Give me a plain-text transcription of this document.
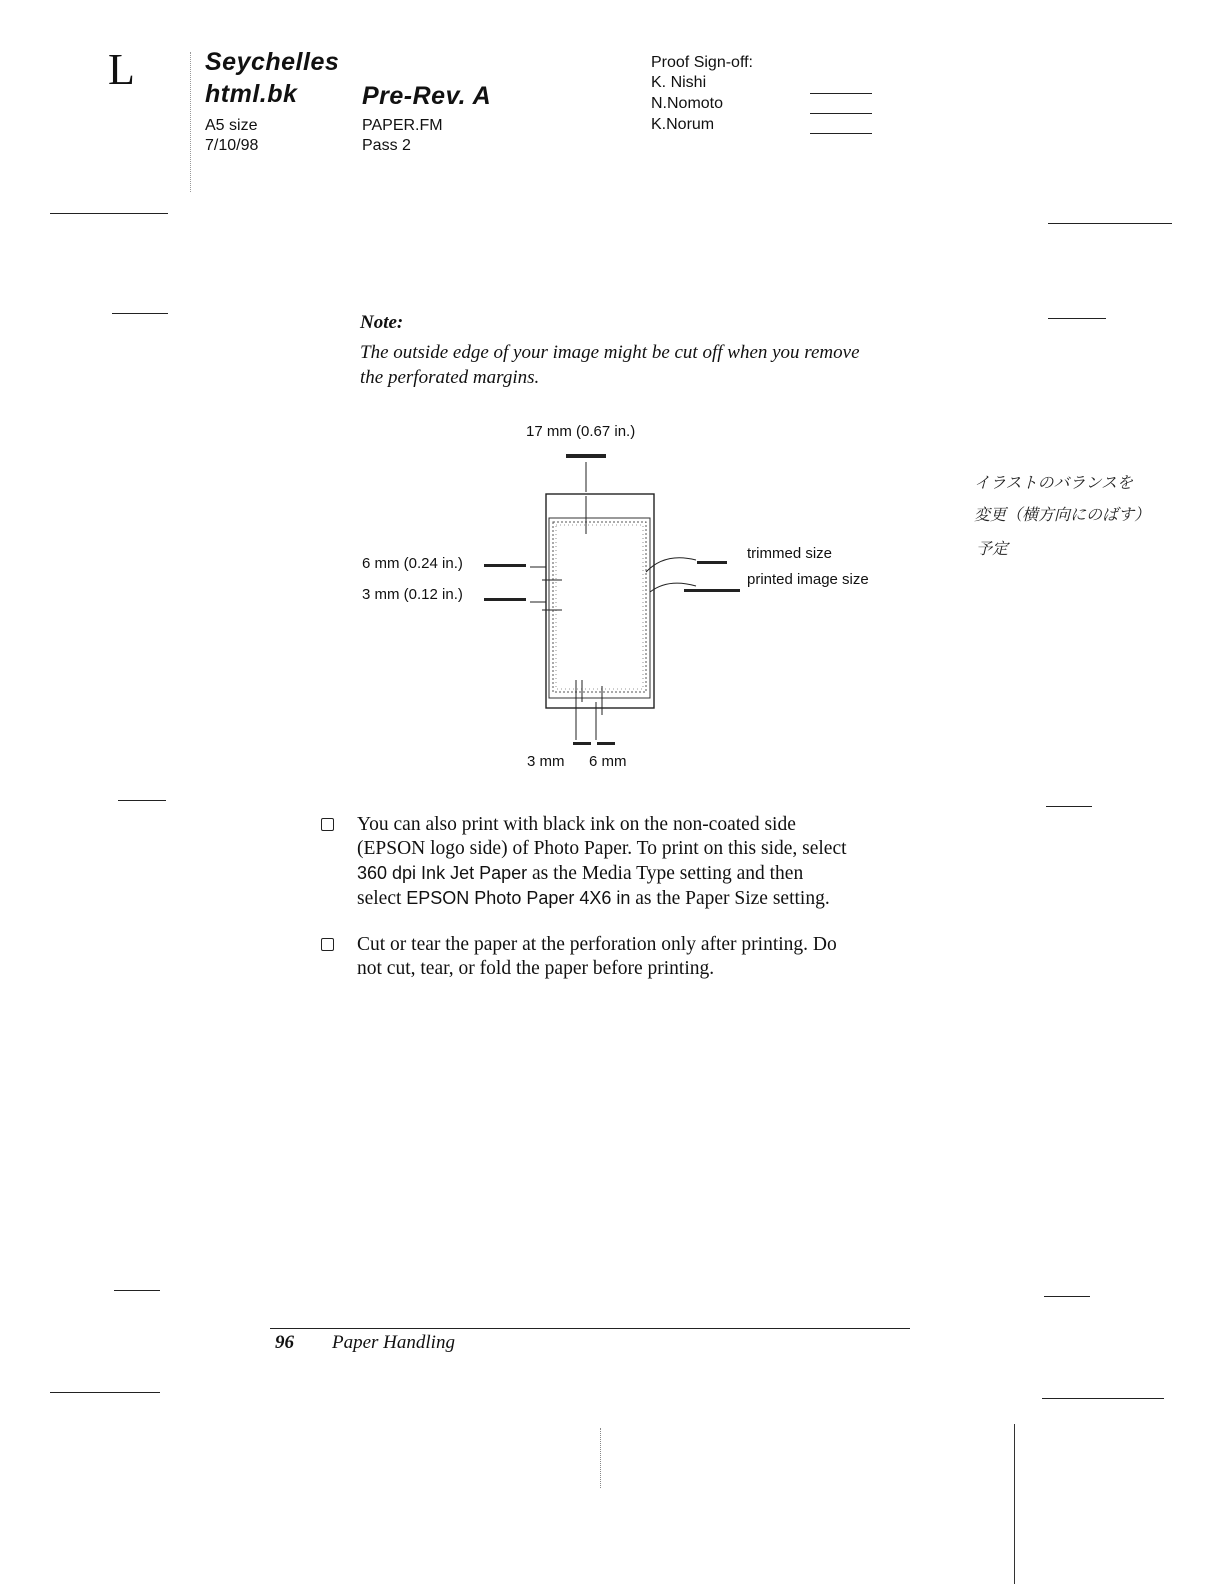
L	Seychelles
html.bk	Pre-Rev. A
A5 size
7/10/98
PAPER.FM
Pass 2
Proof Sign-off:
K. Nishi
N.Nomoto
K.Norum
Note:
The outside edge of your image might be cut off when you remove
the perforated margins.
17 mm (0.67 in.)
6 mm (0.24 in.)
3 mm (0.12 in.)
trimmed size
printed image size
3 mm 6 mm
イラストのバランスを
変更（横方向にのばす）
予定
You can also print with black ink on the non-coated side
(EPSON logo side) of Photo Paper. To print on this side, select
360 dpi Ink Jet Paper as the Media Type setting and then
select EPSON Photo Paper 4X6 in as the Paper Size setting.
Cut or tear the paper at the perforation only after printing. Do
not cut, tear, or fold the paper before printing.
96 Paper Handling
